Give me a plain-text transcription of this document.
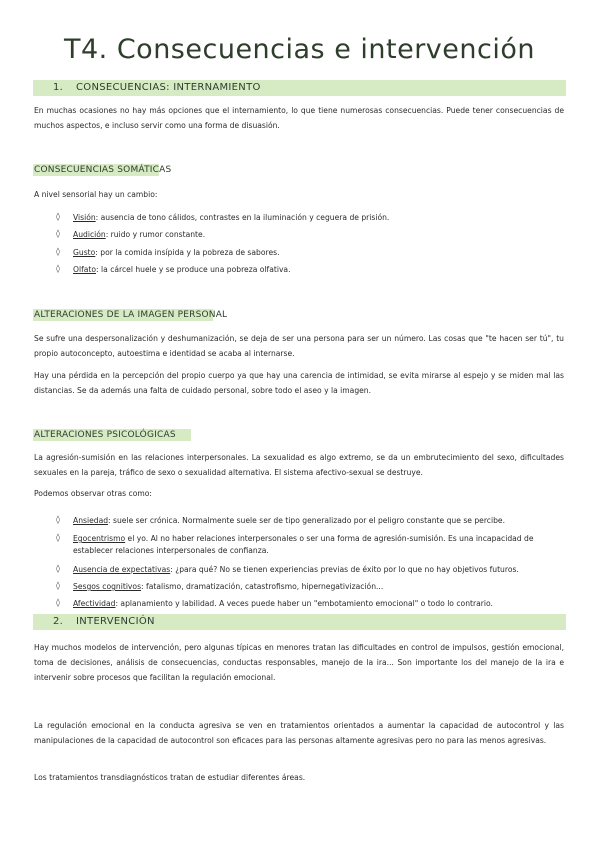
T4. Consecuencias e intervención
1. CONSECUENCIAS: INTERNAMIENTO
En muchas ocasiones no hay más opciones que el internamiento, lo que tiene numerosas consecuencias. Puede tener consecuencias de muchos aspectos, e incluso servir como una forma de disuasión.
CONSECUENCIAS SOMÁTICAS
A nivel sensorial hay un cambio:
◊ Visión: ausencia de tono cálidos, contrastes en la iluminación y ceguera de prisión.
◊ Audición: ruido y rumor constante.
◊ Gusto: por la comida insípida y la pobreza de sabores.
◊ Olfato: la cárcel huele y se produce una pobreza olfativa.
ALTERACIONES DE LA IMAGEN PERSONAL
Se sufre una despersonalización y deshumanización, se deja de ser una persona para ser un número. Las cosas que "te hacen ser tú", tu propio autoconcepto, autoestima e identidad se acaba al internarse.
Hay una pérdida en la percepción del propio cuerpo ya que hay una carencia de intimidad, se evita mirarse al espejo y se miden mal las distancias. Se da además una falta de cuidado personal, sobre todo el aseo y la imagen.
ALTERACIONES PSICOLÓGICAS
La agresión-sumisión en las relaciones interpersonales. La sexualidad es algo extremo, se da un embrutecimiento del sexo, dificultades sexuales en la pareja, tráfico de sexo o sexualidad alternativa. El sistema afectivo-sexual se destruye.
Podemos observar otras como:
◊ Ansiedad: suele ser crónica. Normalmente suele ser de tipo generalizado por el peligro constante que se percibe.
◊ Egocentrismo el yo. Al no haber relaciones interpersonales o ser una forma de agresión-sumisión. Es una incapacidad de establecer relaciones interpersonales de confianza.
◊ Ausencia de expectativas: ¿para qué? No se tienen experiencias previas de éxito por lo que no hay objetivos futuros.
◊ Sesgos cognitivos: fatalismo, dramatización, catastrofismo, hipernegativización...
◊ Afectividad: aplanamiento y labilidad. A veces puede haber un "embotamiento emocional" o todo lo contrario.
2. INTERVENCIÓN
Hay muchos modelos de intervención, pero algunas típicas en menores tratan las dificultades en control de impulsos, gestión emocional, toma de decisiones, análisis de consecuencias, conductas responsables, manejo de la ira... Son importante los del manejo de la ira e intervenir sobre procesos que facilitan la regulación emocional.
La regulación emocional en la conducta agresiva se ven en tratamientos orientados a aumentar la capacidad de autocontrol y las manipulaciones de la capacidad de autocontrol son eficaces para las personas altamente agresivas pero no para las menos agresivas.
Los tratamientos transdiagnósticos tratan de estudiar diferentes áreas.
